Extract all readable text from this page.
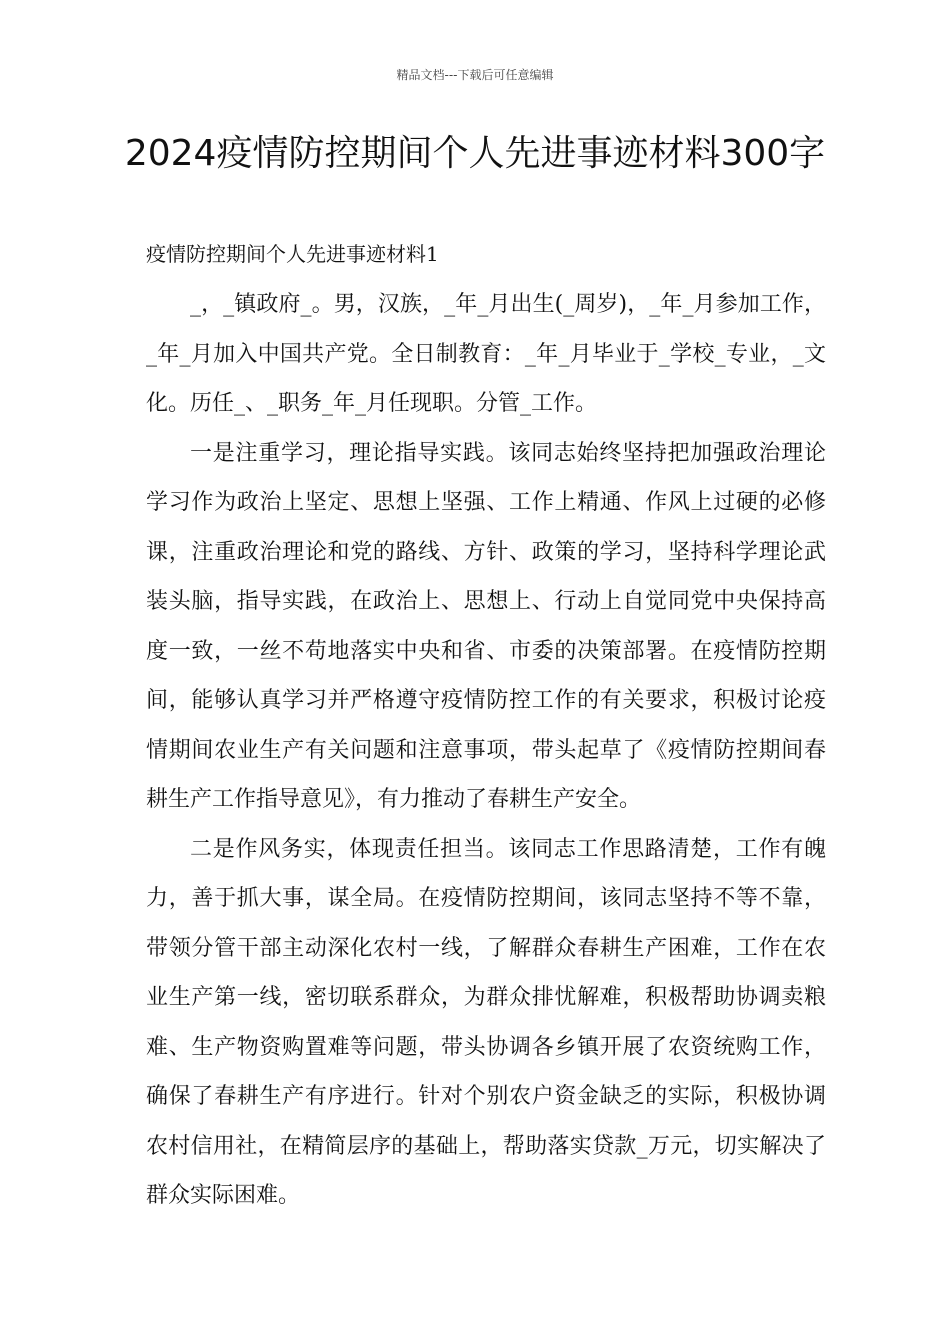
精品文档---下载后可任意编辑
2024疫情防控期间个人先进事迹材料300字
疫情防控期间个人先进事迹材料1

_，_镇政府_。男，汉族，_年_月出生(_周岁)，_年_月参加工作，_年_月加入中国共产党。全日制教育：_年_月毕业于_学校_专业，_文化。历任_、_职务_年_月任现职。分管_工作。

一是注重学习，理论指导实践。该同志始终坚持把加强政治理论学习作为政治上坚定、思想上坚强、工作上精通、作风上过硬的必修课，注重政治理论和党的路线、方针、政策的学习，坚持科学理论武装头脑，指导实践，在政治上、思想上、行动上自觉同党中央保持高度一致，一丝不苟地落实中央和省、市委的决策部署。在疫情防控期间，能够认真学习并严格遵守疫情防控工作的有关要求，积极讨论疫情期间农业生产有关问题和注意事项，带头起草了《疫情防控期间春耕生产工作指导意见》，有力推动了春耕生产安全。

二是作风务实，体现责任担当。该同志工作思路清楚，工作有魄力，善于抓大事，谋全局。在疫情防控期间，该同志坚持不等不靠，带领分管干部主动深化农村一线，了解群众春耕生产困难，工作在农业生产第一线，密切联系群众，为群众排忧解难，积极帮助协调卖粮难、生产物资购置难等问题，带头协调各乡镇开展了农资统购工作，确保了春耕生产有序进行。针对个别农户资金缺乏的实际，积极协调农村信用社，在精简层序的基础上，帮助落实贷款_万元，切实解决了群众实际困难。
